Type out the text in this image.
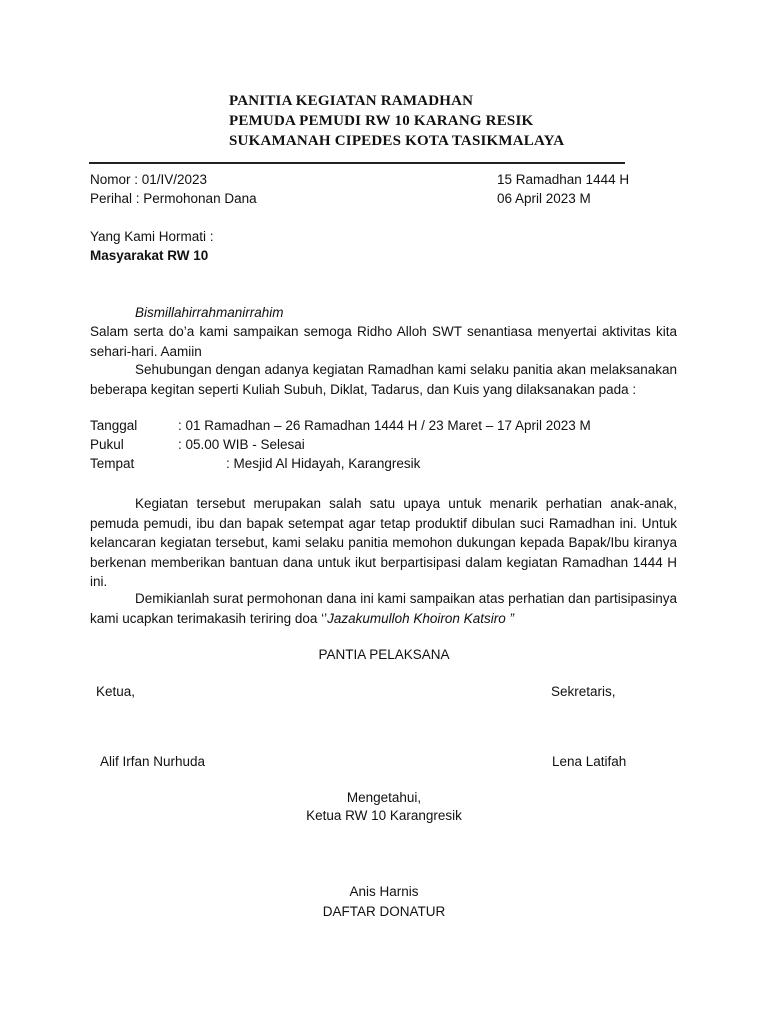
PANITIA KEGIATAN RAMADHAN
PEMUDA PEMUDI RW 10 KARANG RESIK
SUKAMANAH CIPEDES KOTA TASIKMALAYA
Nomor : 01/IV/2023
Perihal : Permohonan Dana
15 Ramadhan 1444 H
06 April 2023 M
Yang Kami Hormati :
Masyarakat RW 10
Bismillahirrahmanirrahim
Salam serta do’a kami sampaikan semoga Ridho Alloh SWT senantiasa menyertai aktivitas kita sehari-hari. Aamiin
Sehubungan dengan adanya kegiatan Ramadhan kami selaku panitia akan melaksanakan beberapa kegitan seperti Kuliah Subuh, Diklat, Tadarus, dan Kuis yang dilaksanakan pada :
Tanggal	: 01 Ramadhan – 26 Ramadhan 1444 H / 23 Maret – 17 April 2023 M
Pukul	: 05.00 WIB - Selesai
Tempat	: Mesjid Al Hidayah, Karangresik
Kegiatan tersebut merupakan salah satu upaya untuk menarik perhatian anak-anak, pemuda pemudi, ibu dan bapak setempat agar tetap produktif dibulan suci Ramadhan ini. Untuk kelancaran kegiatan tersebut, kami selaku panitia memohon dukungan kepada Bapak/Ibu kiranya berkenan memberikan bantuan dana untuk ikut berpartisipasi dalam kegiatan Ramadhan 1444 H ini.
Demikianlah surat permohonan dana ini kami sampaikan atas perhatian dan partisipasinya kami ucapkan terimakasih teriring doa ‘’Jazakumulloh Khoiron Katsiro ”
PANTIA PELAKSANA
Ketua,	Sekretaris,
Alif Irfan Nurhuda	Lena Latifah
Mengetahui,
Ketua RW 10 Karangresik
Anis Harnis
DAFTAR DONATUR
